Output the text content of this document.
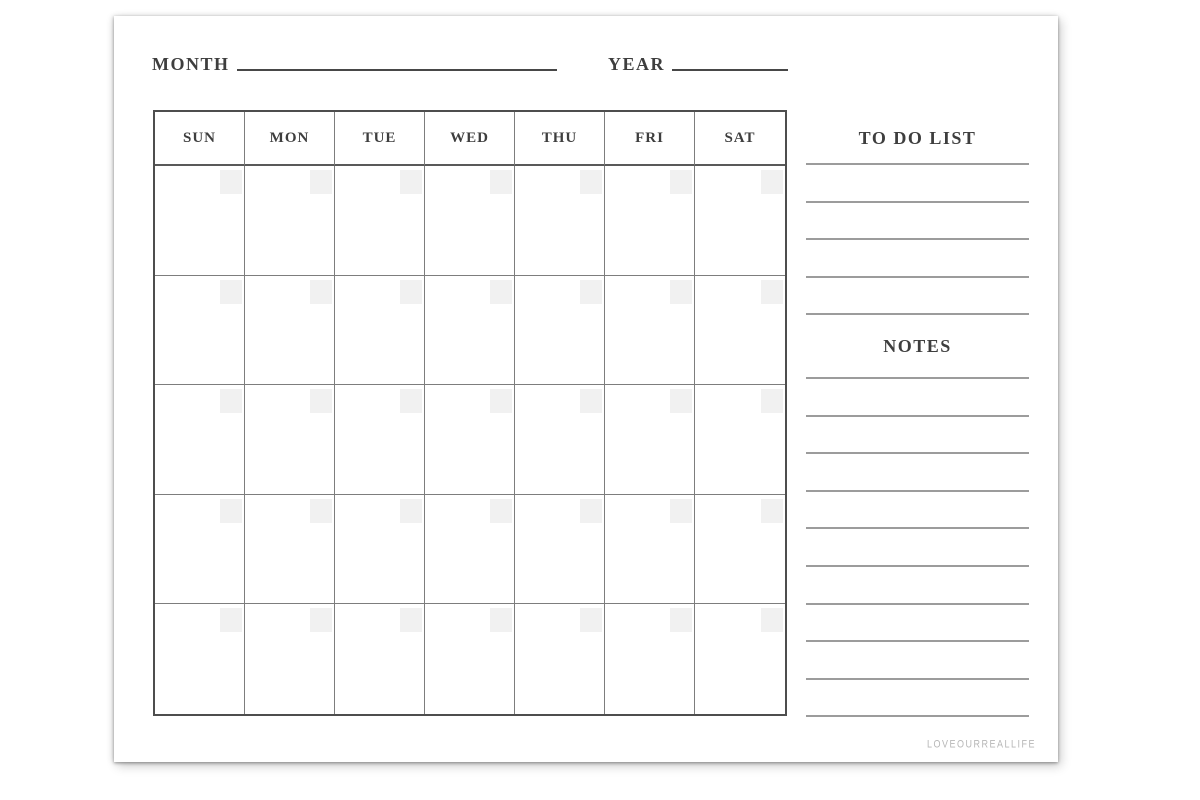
MONTH	YEAR
SUN	MON	TUE	WED	THU	FRI	SAT	TO DO LIST
NOTES
LOVEOURREALLIFE
